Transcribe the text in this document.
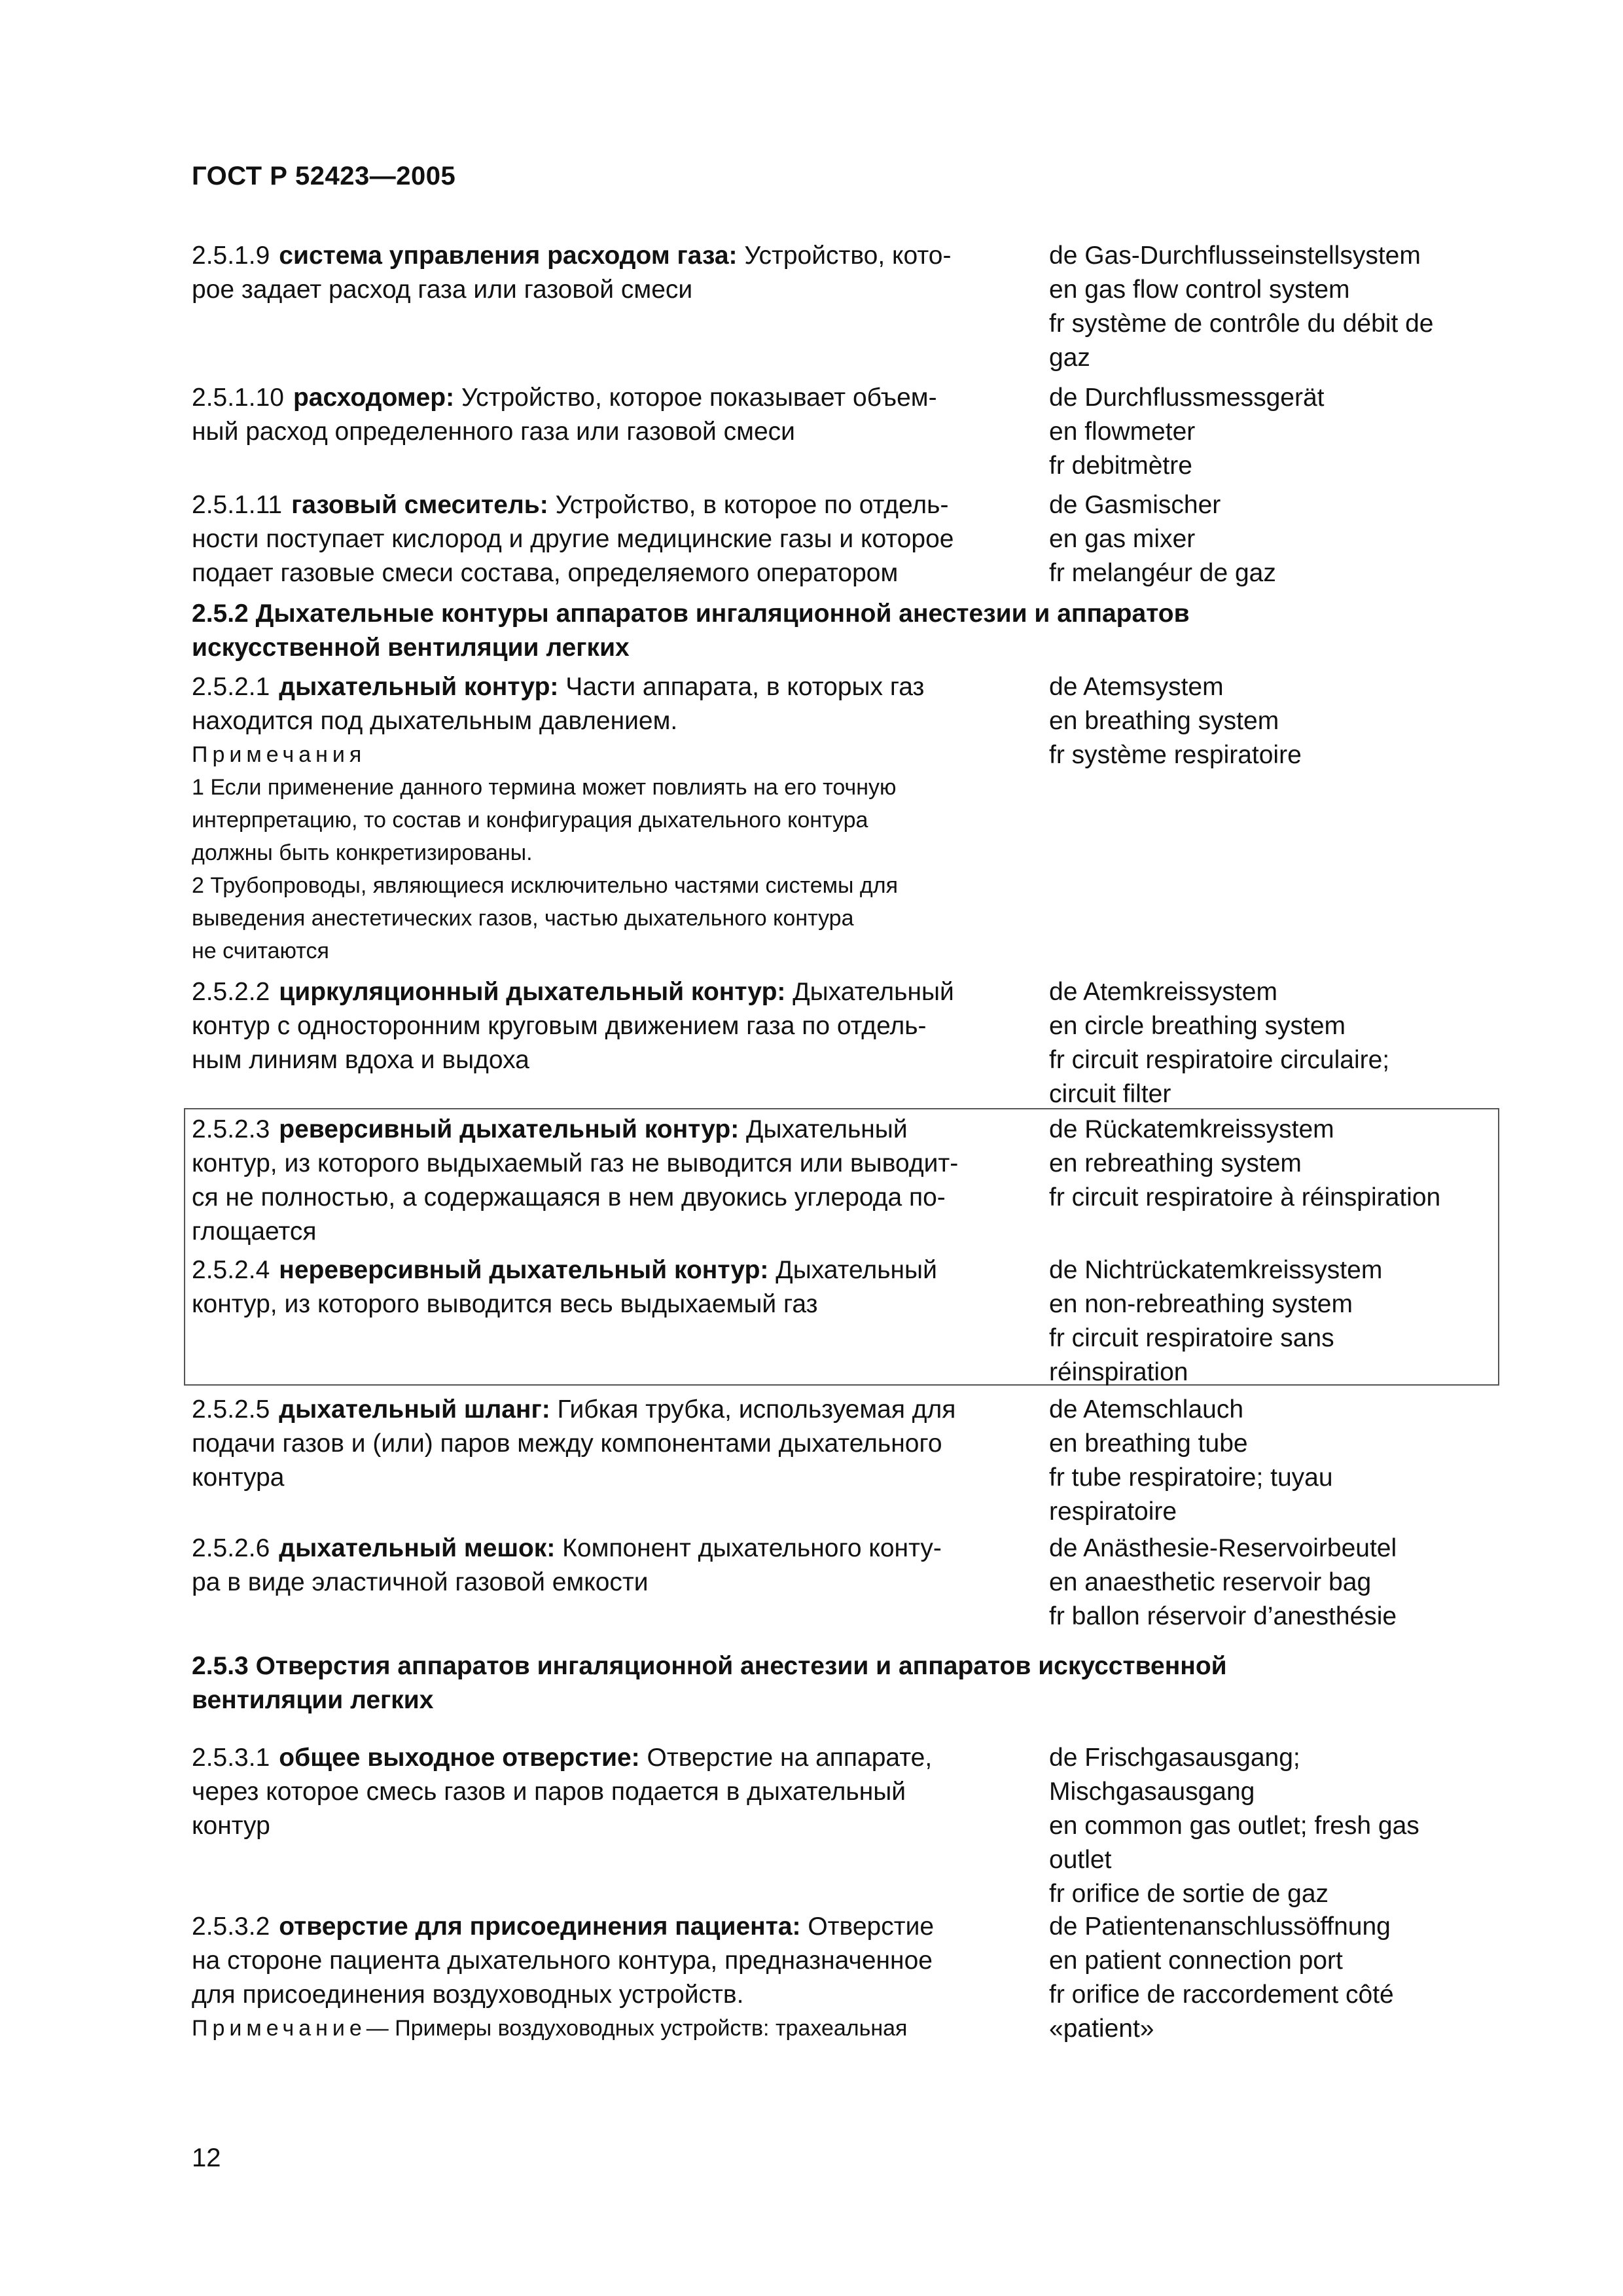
ГОСТ Р 52423—2005
2.5.1.9 система управления расходом газа: Устройство, кото-
рое задает расход газа или газовой смеси
de Gas-Durchflusseinstellsystem
en gas flow control system
fr système de contrôle du débit de
gaz
2.5.1.10 расходомер: Устройство, которое показывает объем-
ный расход определенного газа или газовой смеси
de Durchflussmessgerät
en flowmeter
fr debitmètre
2.5.1.11 газовый смеситель: Устройство, в которое по отдель-
ности поступает кислород и другие медицинские газы и которое
подает газовые смеси состава, определяемого оператором
de Gasmischer
en gas mixer
fr melangéur de gaz
2.5.2 Дыхательные контуры аппаратов ингаляционной анестезии и аппаратов
искусственной вентиляции легких
2.5.2.1 дыхательный контур: Части аппарата, в которых газ
находится под дыхательным давлением.
Примечания
1 Если применение данного термина может повлиять на его точную
интерпретацию, то состав и конфигурация дыхательного контура
должны быть конкретизированы.
2 Трубопроводы, являющиеся исключительно частями системы для
выведения анестетических газов, частью дыхательного контура
не считаются
de Atemsystem
en breathing system
fr système respiratoire
2.5.2.2 циркуляционный дыхательный контур: Дыхательный
контур с односторонним круговым движением газа по отдель-
ным линиям вдоха и выдоха
de Atemkreissystem
en circle breathing system
fr circuit respiratoire circulaire;
circuit filter
2.5.2.3 реверсивный дыхательный контур: Дыхательный
контур, из которого выдыхаемый газ не выводится или выводит-
ся не полностью, а содержащаяся в нем двуокись углерода по-
глощается
de Rückatemkreissystem
en rebreathing system
fr circuit respiratoire à réinspiration
2.5.2.4 нереверсивный дыхательный контур: Дыхательный
контур, из которого выводится весь выдыхаемый газ
de Nichtrückatemkreissystem
en non-rebreathing system
fr circuit respiratoire sans
réinspiration
2.5.2.5 дыхательный шланг: Гибкая трубка, используемая для
подачи газов и (или) паров между компонентами дыхательного
контура
de Atemschlauch
en breathing tube
fr tube respiratoire; tuyau
respiratoire
2.5.2.6 дыхательный мешок: Компонент дыхательного конту-
ра в виде эластичной газовой емкости
de Anästhesie-Reservoirbeutel
en anaesthetic reservoir bag
fr ballon réservoir d’anesthésie
2.5.3 Отверстия аппаратов ингаляционной анестезии и аппаратов искусственной
вентиляции легких
2.5.3.1 общее выходное отверстие: Отверстие на аппарате,
через которое смесь газов и паров подается в дыхательный
контур
de Frischgasausgang;
Mischgasausgang
en common gas outlet; fresh gas
outlet
fr orifice de sortie de gaz
2.5.3.2 отверстие для присоединения пациента: Отверстие
на стороне пациента дыхательного контура, предназначенное
для присоединения воздуховодных устройств.
Примечание— Примеры воздуховодных устройств: трахеальная
de Patientenanschlussöffnung
en patient connection port
fr orifice de raccordement côté
«patient»
12
